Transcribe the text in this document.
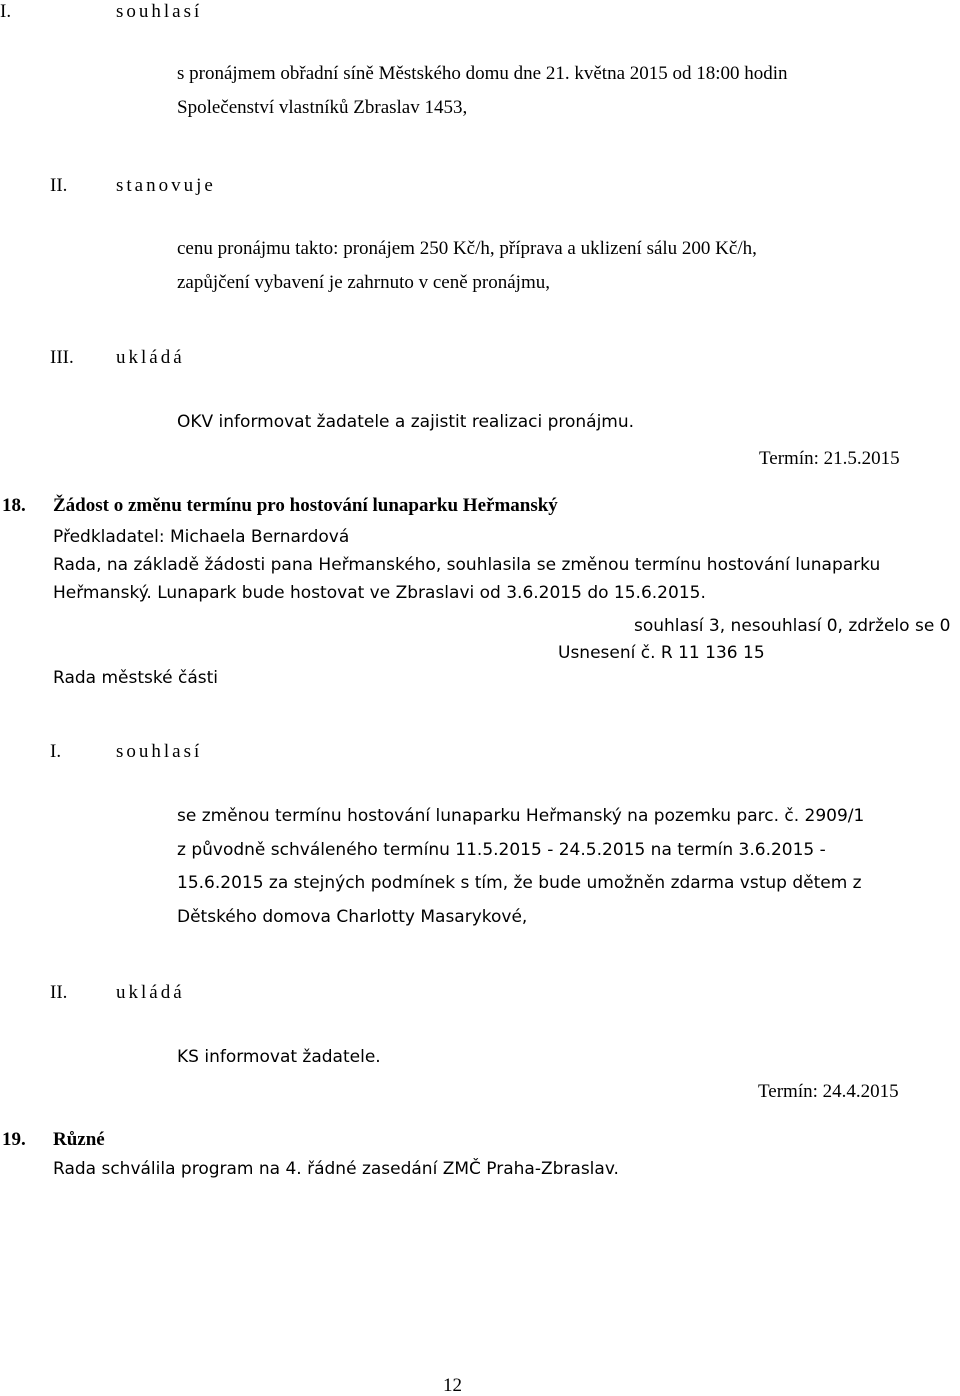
I.	souhlasí
s pronájmem obřadní síně Městského domu dne 21. května 2015 od 18:00 hodin
Společenství vlastníků Zbraslav 1453,
II.	stanovuje
cenu pronájmu takto: pronájem 250 Kč/h, příprava a uklizení sálu 200 Kč/h,
zapůjčení vybavení je zahrnuto v ceně pronájmu,
III. ukládá
OKV informovat žadatele a zajistit realizaci pronájmu.
Termín: 21.5.2015
18. Žádost o změnu termínu pro hostování lunaparku Heřmanský
Předkladatel: Michaela Bernardová
Rada, na základě žádosti pana Heřmanského, souhlasila se změnou termínu hostování lunaparku
Heřmanský. Lunapark bude hostovat ve Zbraslavi od 3.6.2015 do 15.6.2015.
souhlasí 3, nesouhlasí 0, zdrželo se 0
Usnesení č. R 11 136 15
Rada městské části
I.	souhlasí
se změnou termínu hostování lunaparku Heřmanský na pozemku parc. č. 2909/1
z původně schváleného termínu 11.5.2015 - 24.5.2015 na termín 3.6.2015 -
15.6.2015 za stejných podmínek s tím, že bude umožněn zdarma vstup dětem z
Dětského domova Charlotty Masarykové,
II.	ukládá
KS informovat žadatele.
Termín: 24.4.2015
19. Různé
Rada schválila program na 4. řádné zasedání ZMČ Praha-Zbraslav.
12
